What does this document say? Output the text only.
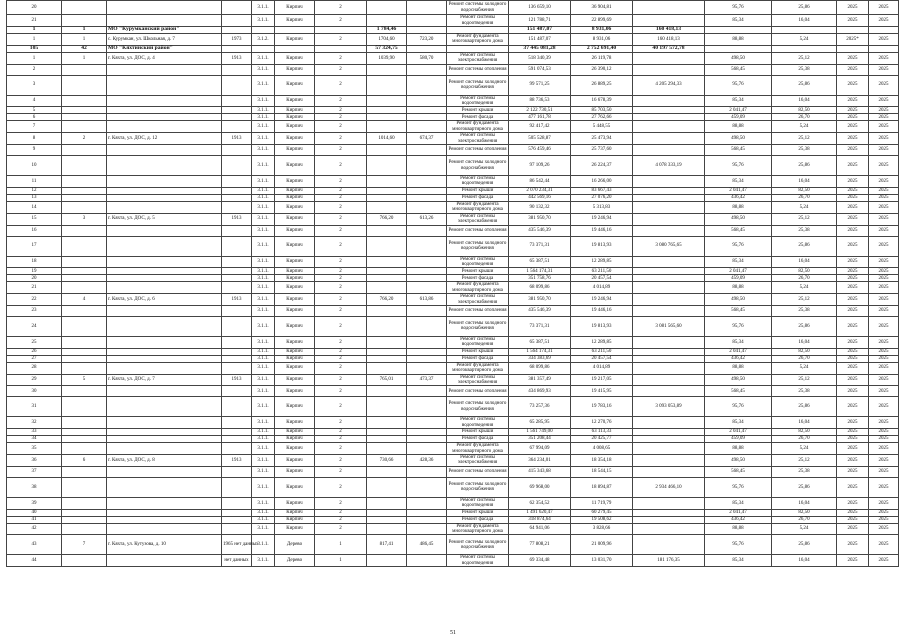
20				3.1.1.	Кирпич	2			Ремонт системы холодного водоснабжения	136 659,10	36 904,81		95,76	25,86	2025	2025
21				3.1.1.	Кирпич	2			Ремонт системы водоотведения	121 788,71	22 899,69		85,34	16,04	2025	2025
1	1	МО "Курумканский район"					1 784,46			151 487,07	8 931,06	160 418,13				
1	1	с. Курумкан, ул. Школьная, д. 7	1973	3.1.2.	Кирпич	2	1704,60	723,20	Ремонт фундамента многоквартирного дома	151 487,07	8 931,06	160 418,13	88,88	5,24	2025*	2025
105	42	МО "Кяхтинский район"					57 324,75			37 445 081,28	2 752 691,40	40 197 572,78				
1	1	г. Кяхта, ул. ДОС, д. 4	1913	3.1.1.	Кирпич	2	1039,90	580,70	Ремонт системы электроснабжения	518 340,39	26 119,78		498,50	25,12	2025	2025
2				3.1.1.	Кирпич	2			Ремонт системы отопления	591 074,53	26 390,12		568,45	25,38	2025	2025
3				3.1.1.	Кирпич	2			Ремонт системы холодного водоснабжения	99 571,25	26 889,25	4 205 294,33	95,76	25,86	2025	2025
4				3.1.1.	Кирпич	2			Ремонт системы водоотведения	88 736,53	16 678,39		85,34	16,04	2025	2025
5				3.1.1.	Кирпич	2			Ремонт крыши	2 122 730,51	85 703,50		2 041,47	82,50	2025	2025
6				3.1.1.	Кирпич	2			Ремонт фасада	477 161,78	27 762,66		459,09	26,70	2025	2025
7				3.1.1.	Кирпич	2			Ремонт фундамента многоквартирного дома	92 417,42	5 448,55		88,88	5,24	2025	2025
8	2	г. Кяхта, ул. ДОС, д. 12	1913	3.1.1.	Кирпич	2	1014,60	674,37	Ремонт системы электроснабжения	505 528,87	25 473,94		498,50	25,12	2025	2025
9				3.1.1.	Кирпич	2			Ремонт системы отопления	576 459,46	25 737,60		568,45	25,38	2025	2025
10				3.1.1.	Кирпич	2			Ремонт системы холодного водоснабжения	97 109,26	26 224,37	4 078 333,19	95,76	25,86	2025	2025
11				3.1.1.	Кирпич	2			Ремонт системы водоотведения	86 542,44	16 266,00		85,34	16,04	2025	2025
12				3.1.1.	Кирпич	2			Ремонт крыши	2 070 234,31	83 667,43		2 041,47	82,50	2025	2025
13				3.1.1.	Кирпич	2			Ремонт фасада	442 569,16	27 076,20		436,42	26,70	2025	2025
14				3.1.1.	Кирпич	2			Ремонт фундамента многоквартирного дома	90 132,32	5 313,83		88,88	5,24	2025	2025
15	3	г. Кяхта, ул. ДОС, д. 5	1913	3.1.1.	Кирпич	2	766,20	613,26	Ремонт системы электроснабжения	381 950,70	19 246,94		498,50	25,12	2025	2025
16				3.1.1.	Кирпич	2			Ремонт системы отопления	435 546,39	19 446,16		568,45	25,38	2025	2025
17				3.1.1.	Кирпич	2			Ремонт системы холодного водоснабжения	73 371,31	19 813,93	3 080 765,65	95,76	25,86	2025	2025
18				3.1.1.	Кирпич	2			Ремонт системы водоотведения	65 387,51	12 289,85		85,34	16,04	2025	2025
19				3.1.1.	Кирпич	2			Ремонт крыши	1 564 174,31	63 211,50		2 041,47	82,50	2025	2025
20				3.1.1.	Кирпич	2			Ремонт фасада	351 758,76	20 457,54		459,09	26,70	2025	2025
21				3.1.1.	Кирпич	2			Ремонт фундамента многоквартирного дома	68 099,86	4 014,89		88,88	5,24	2025	2025
22	4	г. Кяхта, ул. ДОС, д. 6	1913	3.1.1.	Кирпич	2	766,20	613,86	Ремонт системы электроснабжения	381 950,70	19 246,94		498,50	25,12	2025	2025
23				3.1.1.	Кирпич	2			Ремонт системы отопления	435 546,39	19 446,16		568,45	25,38	2025	2025
24				3.1.1.	Кирпич	2			Ремонт системы холодного водоснабжения	73 371,31	19 813,93	3 081 565,60	95,76	25,86	2025	2025
25				3.1.1.	Кирпич	2			Ремонт системы водоотведения	65 387,51	12 289,85		85,34	16,04	2025	2025
26				3.1.1.	Кирпич	2			Ремонт крыши	1 564 174,31	63 211,50		2 041,47	82,50	2025	2025
27				3.1.1.	Кирпич	2			Ремонт фасада	334 383,69	20 457,54		436,42	26,70	2025	2025
28				3.1.1.	Кирпич	2			Ремонт фундамента многоквартирного дома	68 099,86	4 014,89		88,88	5,24	2025	2025
29	5	г. Кяхта, ул. ДОС, д. 7	1913	3.1.1.	Кирпич	2	765,01	473,37	Ремонт системы электроснабжения	381 357,49	19 217,05		498,50	25,12	2025	2025
30				3.1.1.	Кирпич	2			Ремонт системы отопления	434 869,93	19 415,95		568,45	25,38	2025	2025
31				3.1.1.	Кирпич	2			Ремонт системы холодного водоснабжения	73 257,36	19 783,16	3 093 053,89	95,76	25,86	2025	2025
32				3.1.1.	Кирпич	2			Ремонт системы водоотведения	65 285,95	12 270,76		85,34	16,04	2025	2025
33				3.1.1.	Кирпич	2			Ремонт крыши	1 561 749,00	63 113,33		2 041,47	82,50	2025	2025
34				3.1.1.	Кирпич	2			Ремонт фасада	351 208,44	20 425,77		459,09	26,70	2025	2025
35				3.1.1.	Кирпич	2			Ремонт фундамента многоквартирного дома	67 994,09	4 008,65		88,88	5,24	2025	2025
36	6	г. Кяхта, ул. ДОС, д. 8	1913	3.1.1.	Кирпич	2	730,66	428,36	Ремонт системы электроснабжения	364 234,01	18 354,18		498,50	25,12	2025	2025
37				3.1.1.	Кирпич	2			Ремонт системы отопления	415 343,68	18 544,15		568,45	25,38	2025	2025
38				3.1.1.	Кирпич	2			Ремонт системы холодного водоснабжения	69 968,00	18 894,87	2 934 466,10	95,76	25,86	2025	2025
39				3.1.1.	Кирпич	2			Ремонт системы водоотведения	62 354,52	11 719,79		85,34	16,04	2025	2025
40				3.1.1.	Кирпич	2			Ремонт крыши	1 491 620,47	60 279,45		2 041,47	82,50	2025	2025
41				3.1.1.	Кирпич	2			Ремонт фасада	318 874,64	19 508,62		436,42	26,70	2025	2025
42				3.1.1.	Кирпич	2			Ремонт фундамента многоквартирного дома	64 941,06	3 828,66		88,88	5,24	2025	2025
43	7	г. Кяхта, ул. Кутузова, д. 10	1965 нет данных	3.1.1.	Дерево	1	817,41	486,45	Ремонт системы холодного водоснабжения	77 808,21	21 009,96		95,76	25,86	2025	2025
44			нет данных	3.1.1.	Дерево	1			Ремонт системы водоотведения	69 334,48	13 031,70	181 176,35	85,34	16,04	2025	2025
51
